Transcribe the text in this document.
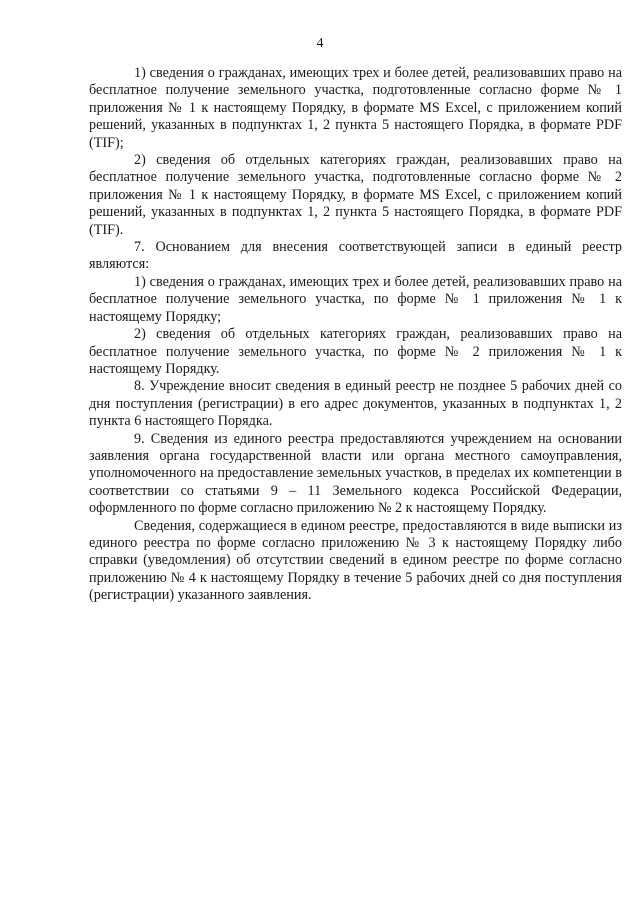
4

1) сведения о гражданах, имеющих трех и более детей, реализовавших право на бесплатное получение земельного участка, подготовленные согласно форме № 1 приложения № 1 к настоящему Порядку, в формате MS Excel, с приложением копий решений, указанных в подпунктах 1, 2 пункта 5 настоящего Порядка, в формате PDF (TIF);

2) сведения об отдельных категориях граждан, реализовавших право на бесплатное получение земельного участка, подготовленные согласно форме № 2 приложения № 1 к настоящему Порядку, в формате MS Excel, с приложением копий решений, указанных в подпунктах 1, 2 пункта 5 настоящего Порядка, в формате PDF (TIF).

7. Основанием для внесения соответствующей записи в единый реестр являются:

1) сведения о гражданах, имеющих трех и более детей, реализовавших право на бесплатное получение земельного участка, по форме № 1 приложения № 1 к настоящему Порядку;

2) сведения об отдельных категориях граждан, реализовавших право на бесплатное получение земельного участка, по форме № 2 приложения № 1 к настоящему Порядку.

8. Учреждение вносит сведения в единый реестр не позднее 5 рабочих дней со дня поступления (регистрации) в его адрес документов, указанных в подпунктах 1, 2 пункта 6 настоящего Порядка.

9. Сведения из единого реестра предоставляются учреждением на основании заявления органа государственной власти или органа местного самоуправления, уполномоченного на предоставление земельных участков, в пределах их компетенции в соответствии со статьями 9 – 11 Земельного кодекса Российской Федерации, оформленного по форме согласно приложению № 2 к настоящему Порядку.

Сведения, содержащиеся в едином реестре, предоставляются в виде выписки из единого реестра по форме согласно приложению № 3 к настоящему Порядку либо справки (уведомления) об отсутствии сведений в едином реестре по форме согласно приложению № 4 к настоящему Порядку в течение 5 рабочих дней со дня поступления (регистрации) указанного заявления.
